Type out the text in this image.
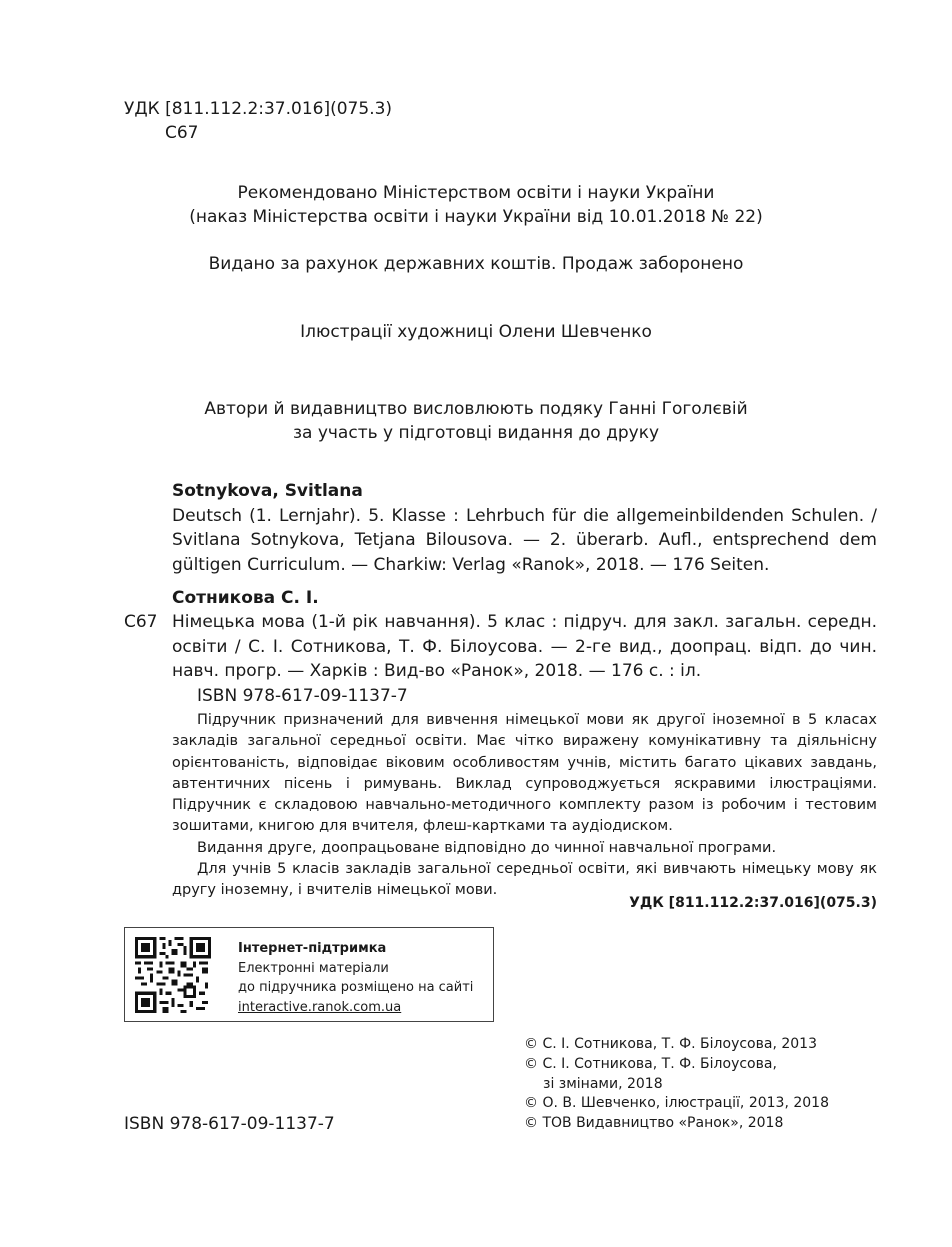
УДК [811.112.2:37.016](075.3)
С67
Рекомендовано Міністерством освіти і науки України
(наказ Міністерства освіти і науки України від 10.01.2018 № 22)
Видано за рахунок державних коштів. Продаж заборонено
Ілюстрації художниці Олени Шевченко
Автори й видавництво висловлюють подяку Ганні Гоголєвій
за участь у підготовці видання до друку
Sotnykova, Svitlana
Deutsch (1. Lernjahr). 5. Klasse : Lehrbuch für die allgemeinbildenden Schulen. / Svitlana Sotnykova, Tetjana Bilousova. — 2. überarb. Aufl., entsprechend dem gültigen Curriculum. — Charkiw: Verlag «Ranok», 2018. — 176 Seiten.
Сотникова С. І.
С67 Німецька мова (1-й рік навчання). 5 клас : підруч. для закл. загальн. середн. освіти / С. І. Сотникова, Т. Ф. Білоусова. — 2-ге вид., доопрац. відп. до чин. навч. прогр. — Харків : Вид-во «Ранок», 2018. — 176 с. : іл.
ISBN 978-617-09-1137-7

Підручник призначений для вивчення німецької мови як другої іноземної в 5 класах закладів загальної середньої освіти. Має чітко виражену комунікативну та діяльнісну орієнтованість, відповідає віковим особливостям учнів, містить багато цікавих завдань, автентичних пісень і римувань. Виклад супроводжується яскравими ілюстраціями. Підручник є складовою навчально-методичного комплекту разом із робочим і тестовим зошитами, книгою для вчителя, флеш-картками та аудіодиском.

Видання друге, доопрацьоване відповідно до чинної навчальної програми.

Для учнів 5 класів закладів загальної середньої освіти, які вивчають німецьку мову як другу іноземну, і вчителів німецької мови.

УДК [811.112.2:37.016](075.3)
Інтернет-підтримка
Електронні матеріали
до підручника розміщено на сайті
interactive.ranok.com.ua
© С. І. Сотникова, Т. Ф. Білоусова, 2013
© С. І. Сотникова, Т. Ф. Білоусова,
зі змінами, 2018
© О. В. Шевченко, ілюстрації, 2013, 2018
© ТОВ Видавництво «Ранок», 2018
ISBN 978-617-09-1137-7
